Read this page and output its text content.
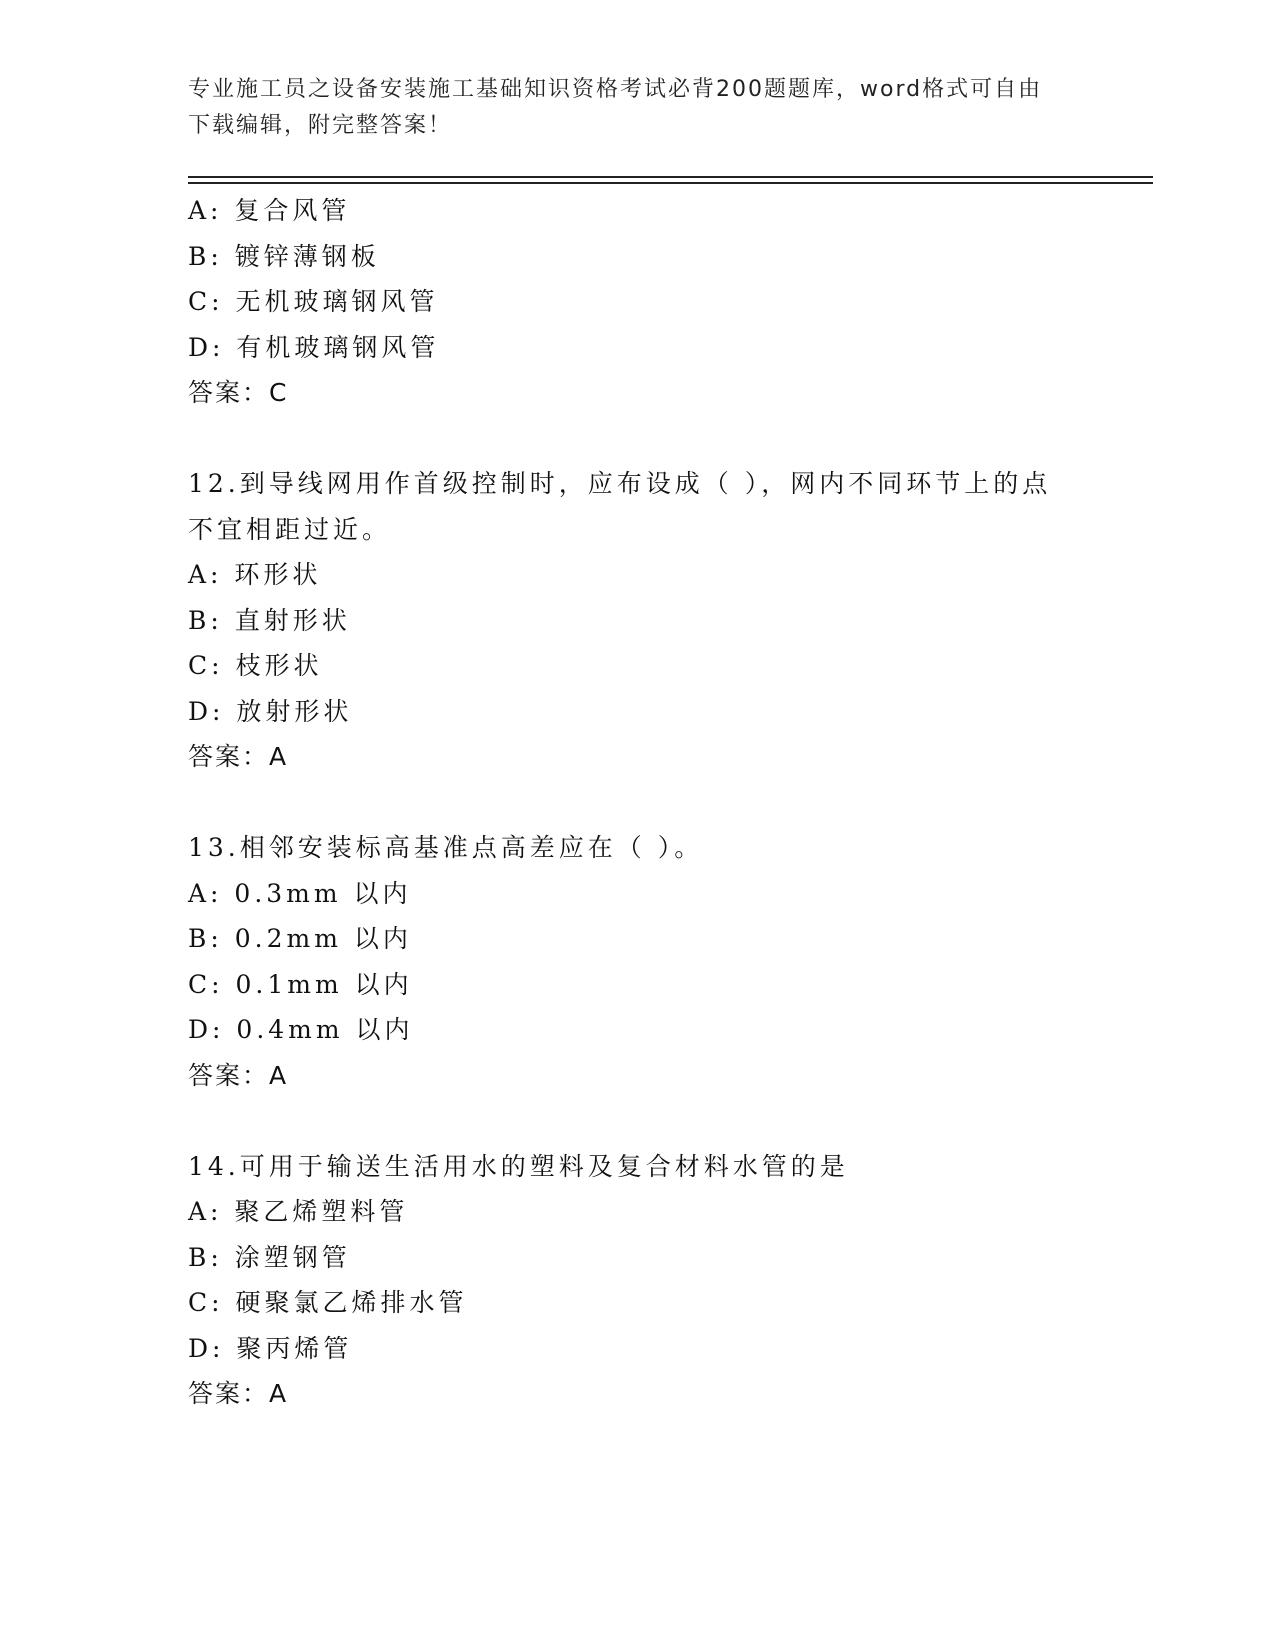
专业施工员之设备安装施工基础知识资格考试必背200题题库，word格式可自由
下载编辑，附完整答案！
A: 复合风管
B: 镀锌薄钢板
C: 无机玻璃钢风管
D: 有机玻璃钢风管
答案：C
12.到导线网用作首级控制时，应布设成（ ），网内不同环节上的点
不宜相距过近。
A: 环形状
B: 直射形状
C: 枝形状
D: 放射形状
答案：A
13.相邻安装标高基准点高差应在（ ）。
A: 0.3mm 以内
B: 0.2mm 以内
C: 0.1mm 以内
D: 0.4mm 以内
答案：A
14.可用于输送生活用水的塑料及复合材料水管的是
A: 聚乙烯塑料管
B: 涂塑钢管
C: 硬聚氯乙烯排水管
D: 聚丙烯管
答案：A
